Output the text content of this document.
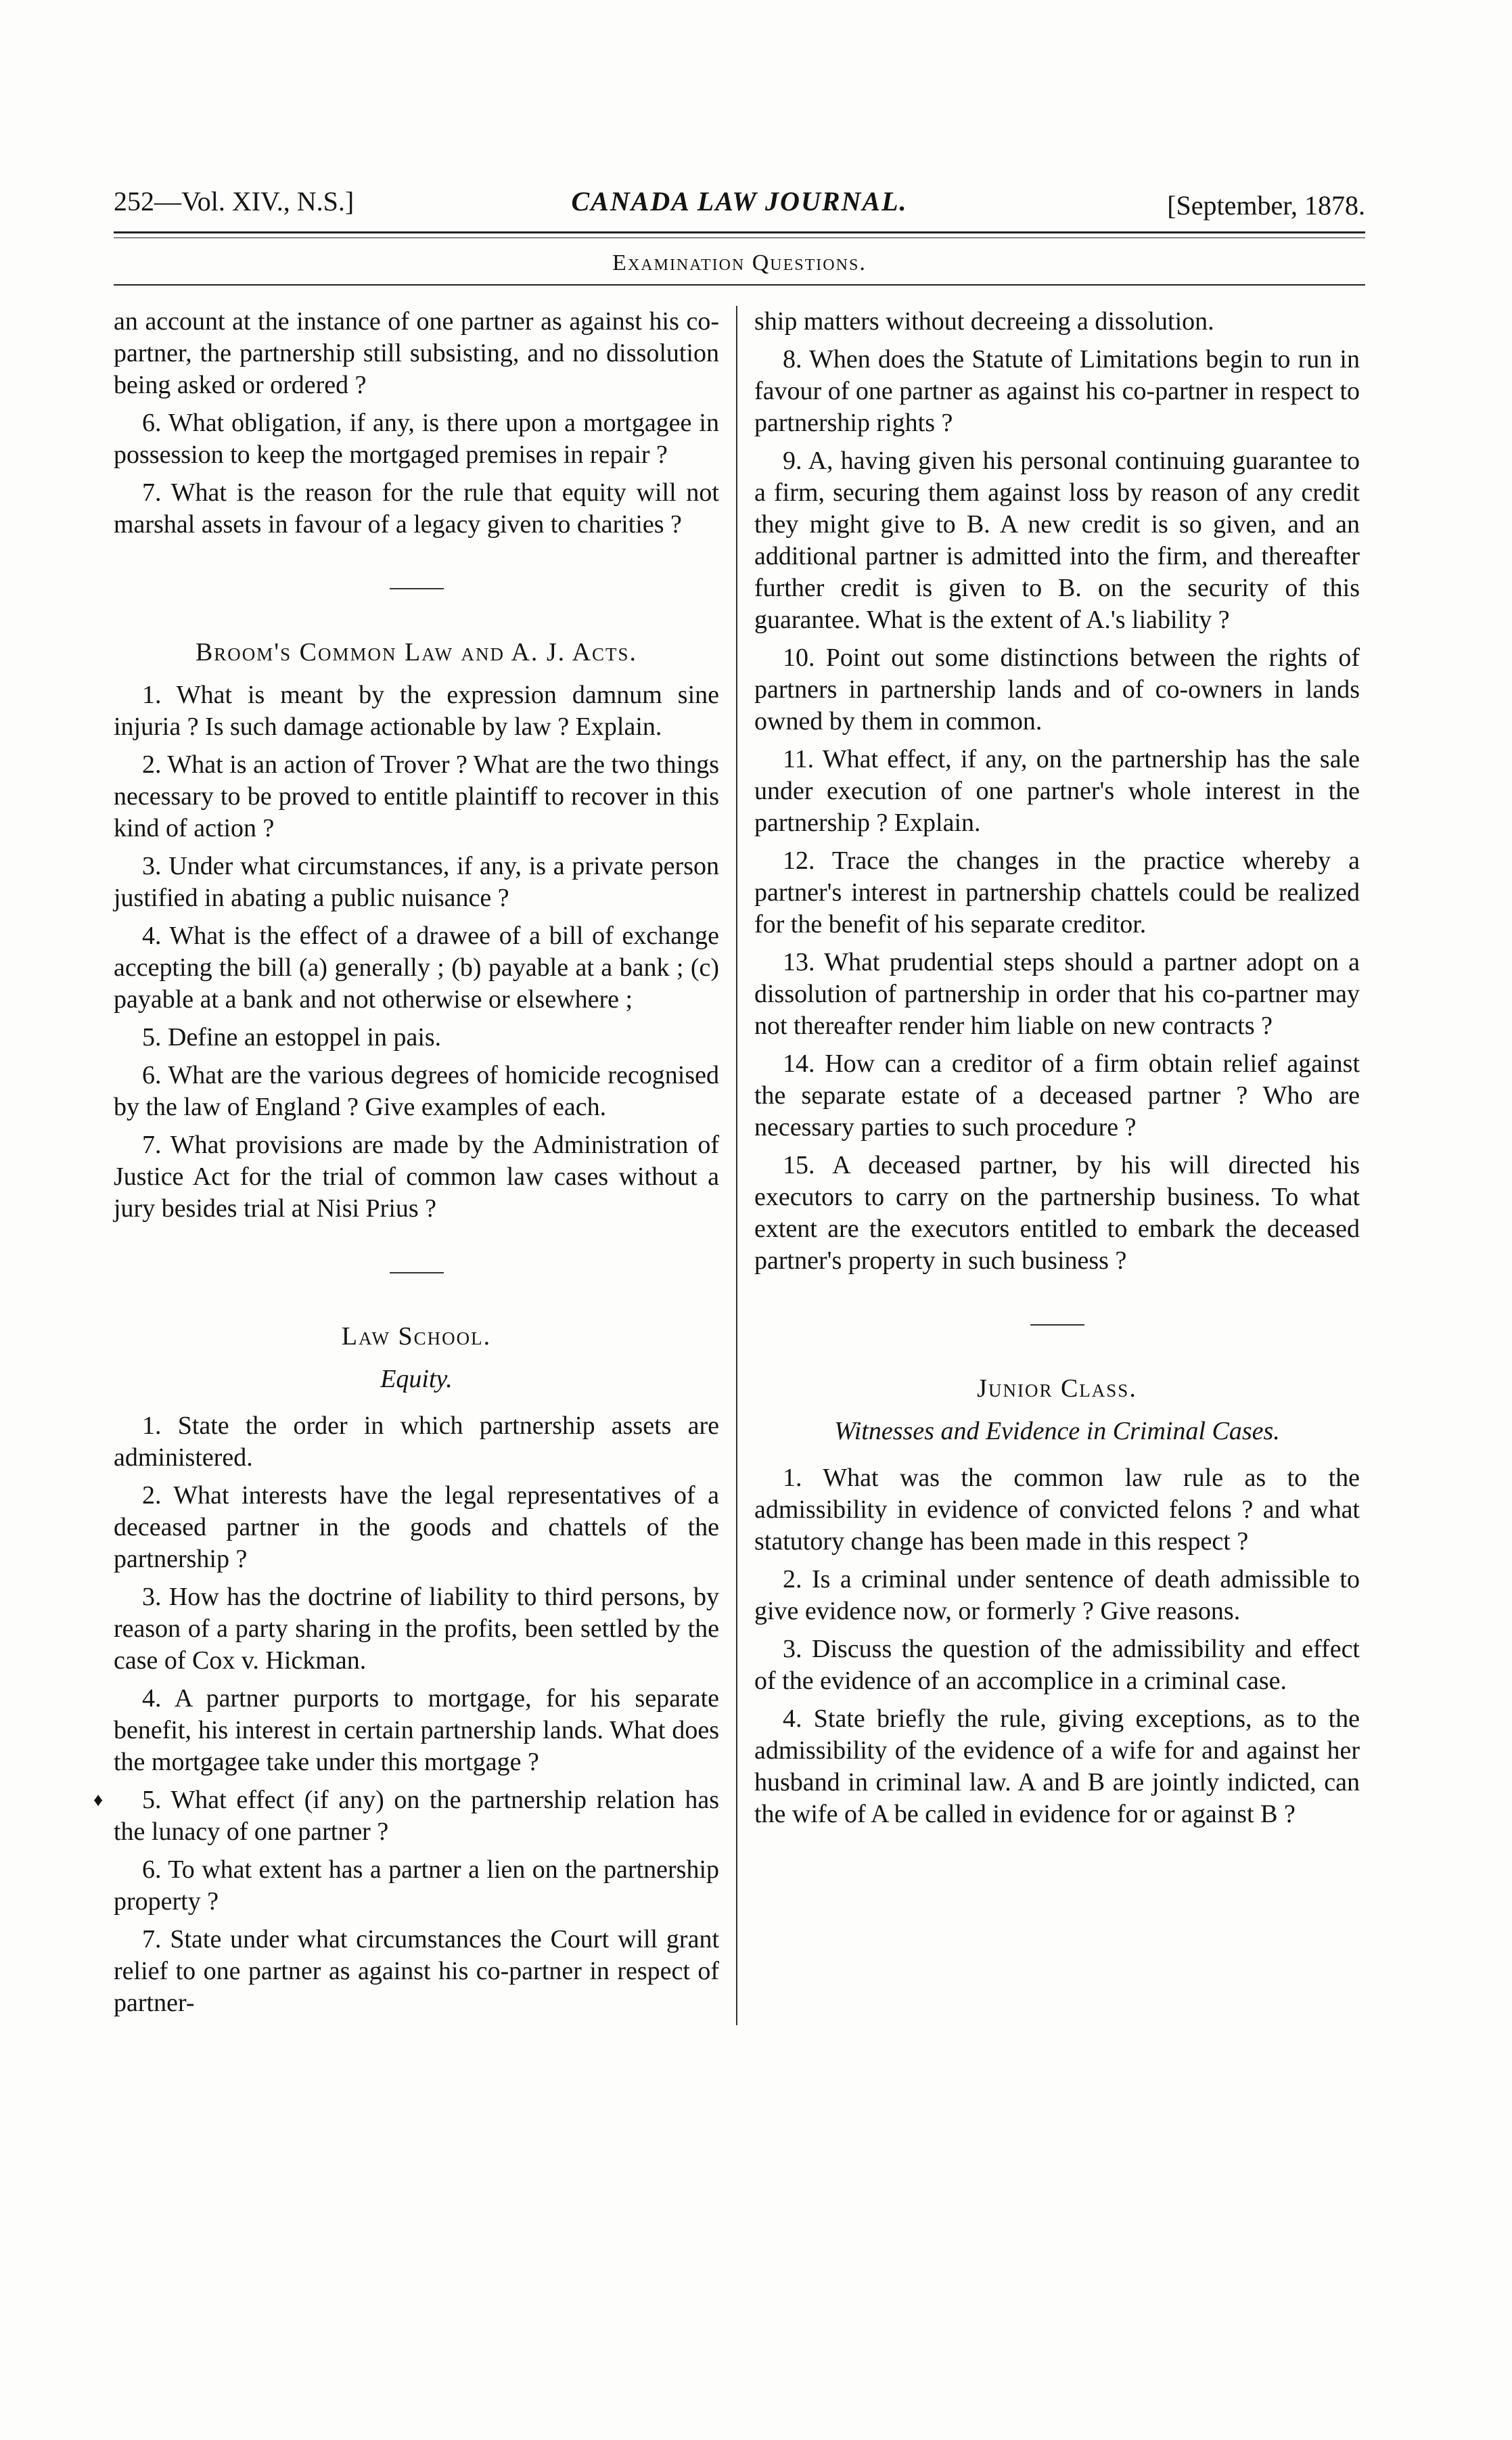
252—Vol. XIV., N.S.]	CANADA LAW JOURNAL.	[September, 1878.
Examination Questions.

an account at the instance of one partner as against his co-partner, the partnership still subsisting, and no dissolution being asked or ordered ?

6. What obligation, if any, is there upon a mortgagee in possession to keep the mortgaged premises in repair ?

7. What is the reason for the rule that equity will not marshal assets in favour of a legacy given to charities ?

Broom's Common Law and A. J. Acts.

1. What is meant by the expression damnum sine injuria ? Is such damage actionable by law ? Explain.

2. What is an action of Trover ? What are the two things necessary to be proved to entitle plaintiff to recover in this kind of action ?

3. Under what circumstances, if any, is a private person justified in abating a public nuisance ?

4. What is the effect of a drawee of a bill of exchange accepting the bill (a) generally ; (b) payable at a bank ; (c) payable at a bank and not otherwise or elsewhere ;

5. Define an estoppel in pais.

6. What are the various degrees of homicide recognised by the law of England ? Give examples of each.

7. What provisions are made by the Administration of Justice Act for the trial of common law cases without a jury besides trial at Nisi Prius ?

Law School.
Equity.

1. State the order in which partnership assets are administered.

2. What interests have the legal representatives of a deceased partner in the goods and chattels of the partnership ?

3. How has the doctrine of liability to third persons, by reason of a party sharing in the profits, been settled by the case of Cox v. Hickman.

4. A partner purports to mortgage, for his separate benefit, his interest in certain partnership lands. What does the mortgagee take under this mortgage ?

♦ 5. What effect (if any) on the partnership relation has the lunacy of one partner ?

6. To what extent has a partner a lien on the partnership property ?

7. State under what circumstances the Court will grant relief to one partner as against his co-partner in respect of partner-

ship matters without decreeing a dissolution.

8. When does the Statute of Limitations begin to run in favour of one partner as against his co-partner in respect to partnership rights ?

9. A, having given his personal continuing guarantee to a firm, securing them against loss by reason of any credit they might give to B. A new credit is so given, and an additional partner is admitted into the firm, and thereafter further credit is given to B. on the security of this guarantee. What is the extent of A.'s liability ?

10. Point out some distinctions between the rights of partners in partnership lands and of co-owners in lands owned by them in common.

11. What effect, if any, on the partnership has the sale under execution of one partner's whole interest in the partnership ? Explain.

12. Trace the changes in the practice whereby a partner's interest in partnership chattels could be realized for the benefit of his separate creditor.

13. What prudential steps should a partner adopt on a dissolution of partnership in order that his co-partner may not thereafter render him liable on new contracts ?

14. How can a creditor of a firm obtain relief against the separate estate of a deceased partner ? Who are necessary parties to such procedure ?

15. A deceased partner, by his will directed his executors to carry on the partnership business. To what extent are the executors entitled to embark the deceased partner's property in such business ?

Junior Class.
Witnesses and Evidence in Criminal Cases.

1. What was the common law rule as to the admissibility in evidence of convicted felons ? and what statutory change has been made in this respect ?

2. Is a criminal under sentence of death admissible to give evidence now, or formerly ? Give reasons.

3. Discuss the question of the admissibility and effect of the evidence of an accomplice in a criminal case.

4. State briefly the rule, giving exceptions, as to the admissibility of the evidence of a wife for and against her husband in criminal law. A and B are jointly indicted, can the wife of A be called in evidence for or against B ?
